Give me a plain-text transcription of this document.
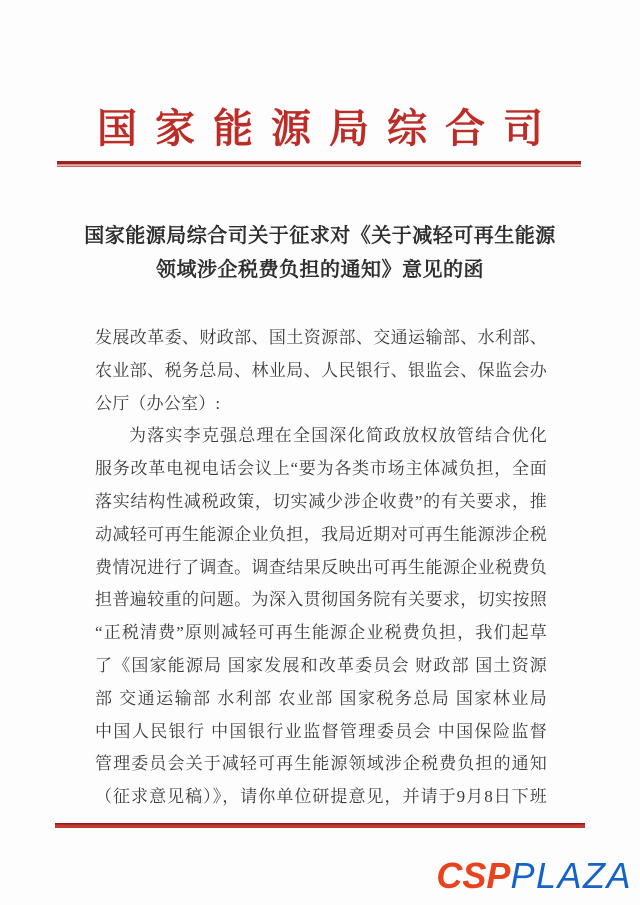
国家能源局综合司
国家能源局综合司关于征求对《关于减轻可再生能源
领域涉企税费负担的通知》意见的函
发展改革委、财政部、国土资源部、交通运输部、水利部、
农业部、税务总局、林业局、人民银行、银监会、保监会办
公厅（办公室）:
为落实李克强总理在全国深化简政放权放管结合优化
服务改革电视电话会议上“要为各类市场主体减负担，全面
落实结构性减税政策，切实减少涉企收费”的有关要求，推
动减轻可再生能源企业负担，我局近期对可再生能源涉企税
费情况进行了调查。调查结果反映出可再生能源企业税费负
担普遍较重的问题。为深入贯彻国务院有关要求，切实按照
“正税清费”原则减轻可再生能源企业税费负担，我们起草
了《国家能源局 国家发展和改革委员会 财政部 国土资源
部 交通运输部 水利部 农业部 国家税务总局 国家林业局
中国人民银行 中国银行业监督管理委员会 中国保险监督
管理委员会关于减轻可再生能源领域涉企税费负担的通知
（征求意见稿）》，请你单位研提意见，并请于9月8日下班
CSPPLAZA
